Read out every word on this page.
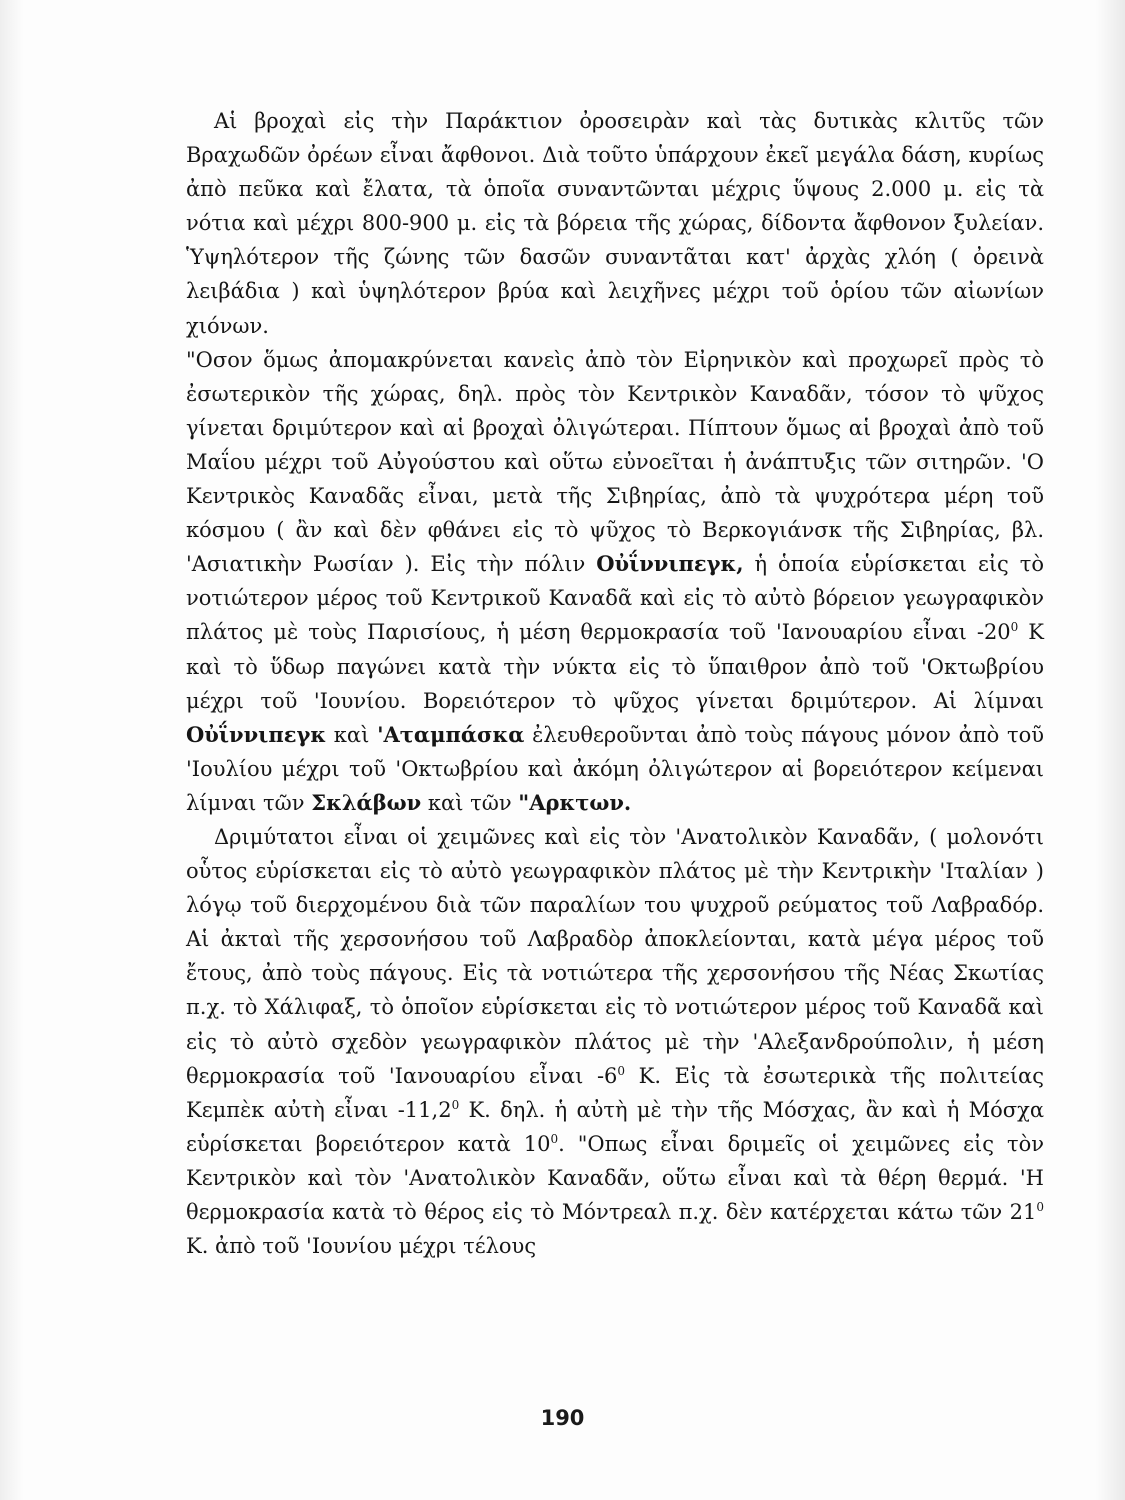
Αἱ βροχαὶ εἰς τὴν Παράκτιον ὀροσειρὰν καὶ τὰς δυτικὰς κλιτῦς τῶν Βραχωδῶν ὀρέων εἶναι ἄφθονοι. Διὰ τοῦτο ὑπάρχουν ἐκεῖ μεγάλα δάση, κυρίως ἀπὸ πεῦκα καὶ ἔλατα, τὰ ὁποῖα συναντῶνται μέχρις ὕψους 2.000 μ. εἰς τὰ νότια καὶ μέχρι 800-900 μ. εἰς τὰ βόρεια τῆς χώρας, δίδοντα ἄφθονον ξυλείαν. Ὑψηλότερον τῆς ζώνης τῶν δασῶν συναντᾶται κατ' ἀρχὰς χλόη ( ὀρεινὰ λειβάδια ) καὶ ὑψηλότερον βρύα καὶ λειχῆνες μέχρι τοῦ ὁρίου τῶν αἰωνίων χιόνων.

"Οσον ὅμως ἀπομακρύνεται κανεὶς ἀπὸ τὸν Εἰρηνικὸν καὶ προχωρεῖ πρὸς τὸ ἐσωτερικὸν τῆς χώρας, δηλ. πρὸς τὸν Κεντρικὸν Καναδᾶν, τόσον τὸ ψῦχος γίνεται δριμύτερον καὶ αἱ βροχαὶ ὀλιγώτεραι. Πίπτουν ὅμως αἱ βροχαὶ ἀπὸ τοῦ Μαΐου μέχρι τοῦ Αὐγούστου καὶ οὕτω εὐνοεῖται ἡ ἀνάπτυξις τῶν σιτηρῶν. 'Ο Κεντρικὸς Καναδᾶς εἶναι, μετὰ τῆς Σιβηρίας, ἀπὸ τὰ ψυχρότερα μέρη τοῦ κόσμου ( ἂν καὶ δὲν φθάνει εἰς τὸ ψῦχος τὸ Βερκογιάνσκ τῆς Σιβηρίας, βλ. 'Ασιατικὴν Ρωσίαν ). Εἰς τὴν πόλιν Οὐΐννιπεγκ, ἡ ὁποία εὑρίσκεται εἰς τὸ νοτιώτερον μέρος τοῦ Κεντρικοῦ Καναδᾶ καὶ εἰς τὸ αὐτὸ βόρειον γεωγραφικὸν πλάτος μὲ τοὺς Παρισίους, ἡ μέση θερμοκρασία τοῦ 'Ιανουαρίου εἶναι $-20^0$ Κ καὶ τὸ ὕδωρ παγώνει κατὰ τὴν νύκτα εἰς τὸ ὕπαιθρον ἀπὸ τοῦ 'Οκτωβρίου μέχρι τοῦ 'Ιουνίου. Βορειότερον τὸ ψῦχος γίνεται δριμύτερον. Αἱ λίμναι Οὐΐννιπεγκ καὶ 'Αταμπάσκα ἐλευθεροῦνται ἀπὸ τοὺς πάγους μόνον ἀπὸ τοῦ 'Ιουλίου μέχρι τοῦ 'Οκτωβρίου καὶ ἀκόμη ὀλιγώτερον αἱ βορειότερον κείμεναι λίμναι τῶν Σκλάβων καὶ τῶν "Αρκτων.

Δριμύτατοι εἶναι οἱ χειμῶνες καὶ εἰς τὸν 'Ανατολικὸν Καναδᾶν, ( μολονότι οὗτος εὑρίσκεται εἰς τὸ αὐτὸ γεωγραφικὸν πλάτος μὲ τὴν Κεντρικὴν 'Ιταλίαν ) λόγῳ τοῦ διερχομένου διὰ τῶν παραλίων του ψυχροῦ ρεύματος τοῦ Λαβραδόρ. Αἱ ἀκταὶ τῆς χερσονήσου τοῦ Λαβραδὸρ ἀποκλείονται, κατὰ μέγα μέρος τοῦ ἔτους, ἀπὸ τοὺς πάγους. Εἰς τὰ νοτιώτερα τῆς χερσονήσου τῆς Νέας Σκωτίας π.χ. τὸ Χάλιφαξ, τὸ ὁποῖον εὑρίσκεται εἰς τὸ νοτιώτερον μέρος τοῦ Καναδᾶ καὶ εἰς τὸ αὐτὸ σχεδὸν γεωγραφικὸν πλάτος μὲ τὴν 'Αλεξανδρούπολιν, ἡ μέση θερμοκρασία τοῦ 'Ιανουαρίου εἶναι $-6^0$ Κ. Εἰς τὰ ἐσωτερικὰ τῆς πολιτείας Κεμπὲκ αὐτὴ εἶναι -11,2$^0$ Κ. δηλ. ἡ αὐτὴ μὲ τὴν τῆς Μόσχας, ἂν καὶ ἡ Μόσχα εὑρίσκεται βορειότερον κατὰ $10^0$. "Οπως εἶναι δριμεῖς οἱ χειμῶνες εἰς τὸν Κεντρικὸν καὶ τὸν 'Ανατολικὸν Καναδᾶν, οὕτω εἶναι καὶ τὰ θέρη θερμά. 'Η θερμοκρασία κατὰ τὸ θέρος εἰς τὸ Μόντρεαλ π.χ. δὲν κατέρχεται κάτω τῶν $21^0$ Κ. ἀπὸ τοῦ 'Ιουνίου μέχρι τέλους

190
